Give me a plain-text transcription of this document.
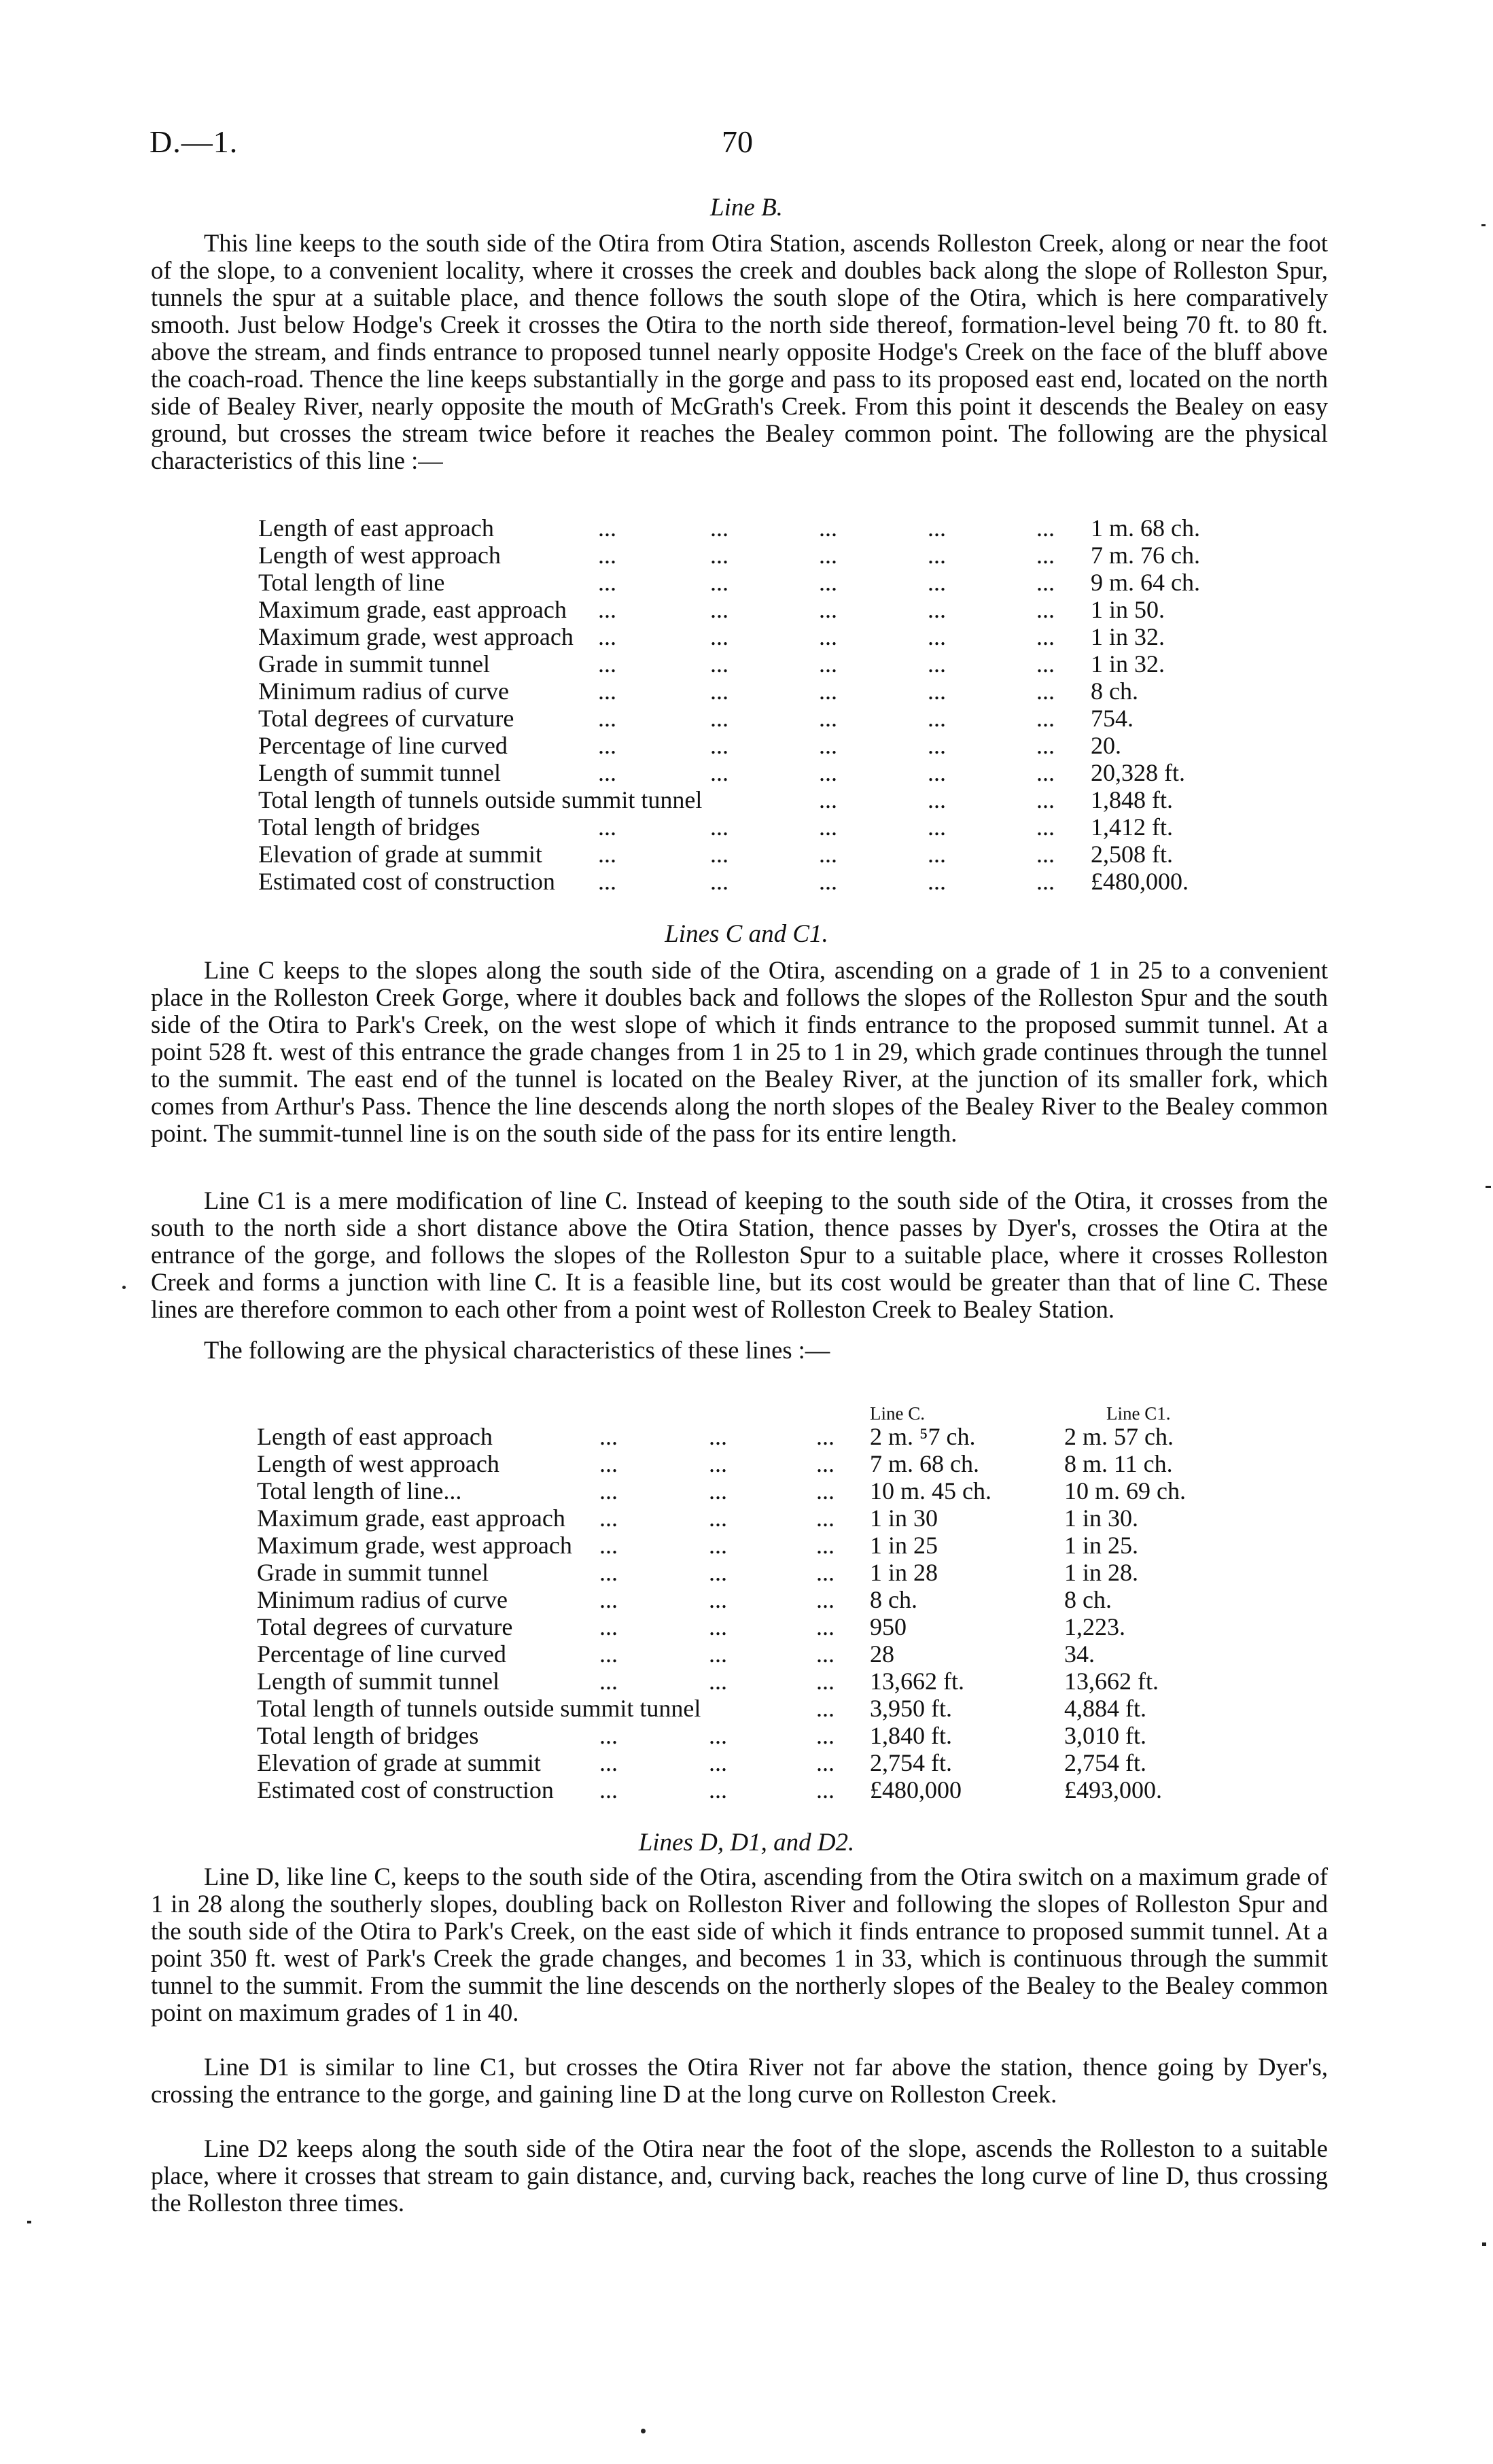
D.—1.	70
Line B.

This line keeps to the south side of the Otira from Otira Station, ascends Rolleston Creek, along or near the foot of the slope, to a convenient locality, where it crosses the creek and doubles back along the slope of Rolleston Spur, tunnels the spur at a suitable place, and thence follows the south slope of the Otira, which is here comparatively smooth. Just below Hodge's Creek it crosses the Otira to the north side thereof, formation-level being 70 ft. to 80 ft. above the stream, and finds entrance to proposed tunnel nearly opposite Hodge's Creek on the face of the bluff above the coach-road. Thence the line keeps substantially in the gorge and pass to its proposed east end, located on the north side of Bealey River, nearly opposite the mouth of McGrath's Creek. From this point it descends the Bealey on easy ground, but crosses the stream twice before it reaches the Bealey common point. The following are the physical characteristics of this line :—

Length of east approach	1 m. 68 ch.
...	...	...	...	...
Length of west approach	7 m. 76 ch.
...	...	...	...	...
Total length of line	9 m. 64 ch.
...	...	...	...	...
Maximum grade, east approach	1 in 50.
...	...	...	...	...
Maximum grade, west approach	1 in 32.
...	...	...	...	...
Grade in summit tunnel	1 in 32.
...	...	...	...	...
Minimum radius of curve	8 ch.
...	...	...	...	...
Total degrees of curvature	754.
...	...	...	...	...
Percentage of line curved	20.
...	...	...	...	...
Length of summit tunnel	20,328 ft.
...	...	...	...	...
Total length of tunnels outside summit tunnel	1,848 ft.
...	...	...
Total length of bridges	1,412 ft.
...	...	...	...	...
Elevation of grade at summit	2,508 ft.
...	...	...	...	...
Estimated cost of construction	£480,000.
...	...	...	...	...
Lines C and C1.

Line C keeps to the slopes along the south side of the Otira, ascending on a grade of 1 in 25 to a convenient place in the Rolleston Creek Gorge, where it doubles back and follows the slopes of the Rolleston Spur and the south side of the Otira to Park's Creek, on the west slope of which it finds entrance to the proposed summit tunnel. At a point 528 ft. west of this entrance the grade changes from 1 in 25 to 1 in 29, which grade continues through the tunnel to the summit. The east end of the tunnel is located on the Bealey River, at the junction of its smaller fork, which comes from Arthur's Pass. Thence the line descends along the north slopes of the Bealey River to the Bealey common point. The summit-tunnel line is on the south side of the pass for its entire length.

Line C1 is a mere modification of line C. Instead of keeping to the south side of the Otira, it crosses from the south to the north side a short distance above the Otira Station, thence passes by Dyer's, crosses the Otira at the entrance of the gorge, and follows the slopes of the Rolleston Spur to a suitable place, where it crosses Rolleston Creek and forms a junction with line C. It is a feasible line, but its cost would be greater than that of line C. These lines are therefore common to each other from a point west of Rolleston Creek to Bealey Station.

The following are the physical characteristics of these lines :—

Line C.	Line C1.
Length of east approach	2 m. ⁵7 ch.	2 m. 57 ch.
...	...	...
Length of west approach	7 m. 68 ch.	8 m. 11 ch.
...	...	...
Total length of line...	10 m. 45 ch.	10 m. 69 ch.
...	...	...
Maximum grade, east approach	1 in 30	1 in 30.
...	...	...
Maximum grade, west approach	1 in 25	1 in 25.
...	...	...
Grade in summit tunnel	1 in 28	1 in 28.
...	...	...
Minimum radius of curve	8 ch.	8 ch.
...	...	...
Total degrees of curvature	950	1,223.
...	...	...
Percentage of line curved	28	34.
...	...	...
Length of summit tunnel	13,662 ft.	13,662 ft.
...	...	...
Total length of tunnels outside summit tunnel	3,950 ft.	4,884 ft.
...
Total length of bridges	1,840 ft.	3,010 ft.
...	...	...
Elevation of grade at summit	2,754 ft.	2,754 ft.
...	...	...
Estimated cost of construction	£480,000	£493,000.
...	...	...
Lines D, D1, and D2.

Line D, like line C, keeps to the south side of the Otira, ascending from the Otira switch on a maximum grade of 1 in 28 along the southerly slopes, doubling back on Rolleston River and following the slopes of Rolleston Spur and the south side of the Otira to Park's Creek, on the east side of which it finds entrance to proposed summit tunnel. At a point 350 ft. west of Park's Creek the grade changes, and becomes 1 in 33, which is continuous through the summit tunnel to the summit. From the summit the line descends on the northerly slopes of the Bealey to the Bealey common point on maximum grades of 1 in 40.

Line D1 is similar to line C1, but crosses the Otira River not far above the station, thence going by Dyer's, crossing the entrance to the gorge, and gaining line D at the long curve on Rolleston Creek.

Line D2 keeps along the south side of the Otira near the foot of the slope, ascends the Rolleston to a suitable place, where it crosses that stream to gain distance, and, curving back, reaches the long curve of line D, thus crossing the Rolleston three times.
